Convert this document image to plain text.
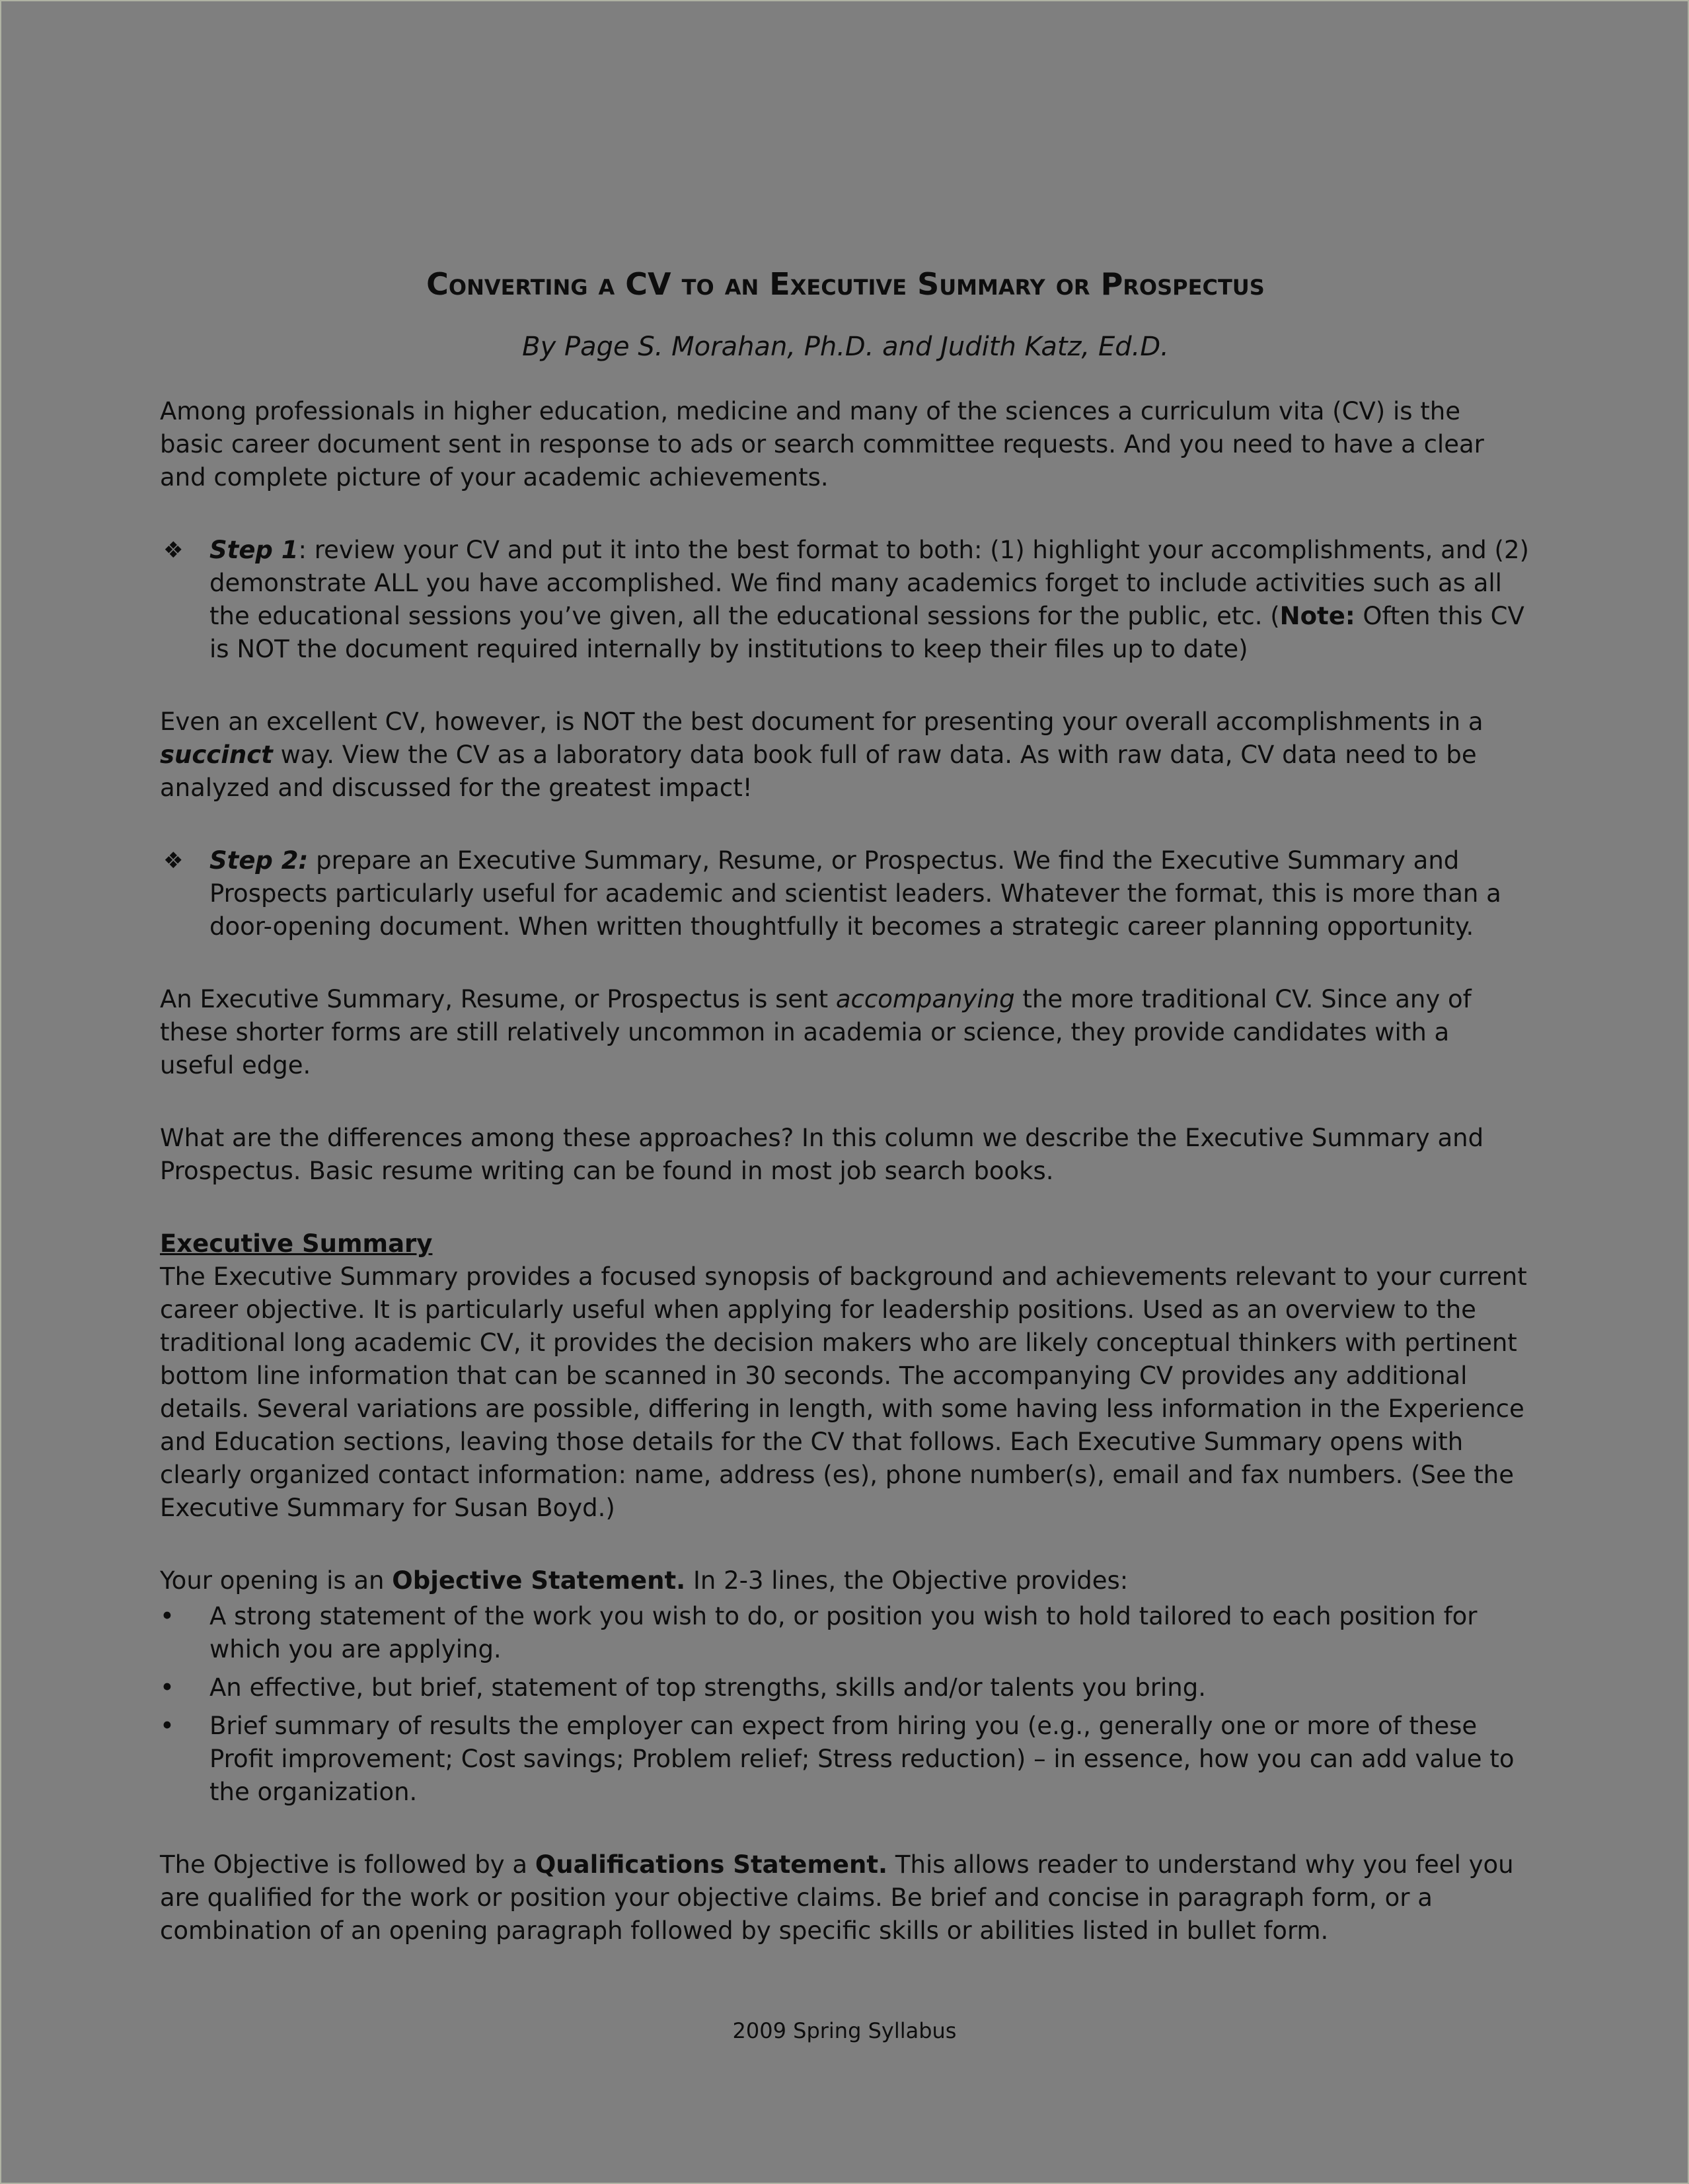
Converting a CV to an Executive Summary or Prospectus
By Page S. Morahan, Ph.D. and Judith Katz, Ed.D.

Among professionals in higher education, medicine and many of the sciences a curriculum vita (CV) is the basic career document sent in response to ads or search committee requests. And you need to have a clear and complete picture of your academic achievements.

❖ Step 1: review your CV and put it into the best format to both: (1) highlight your accomplishments, and (2) demonstrate ALL you have accomplished. We find many academics forget to include activities such as all the educational sessions you’ve given, all the educational sessions for the public, etc. (Note: Often this CV is NOT the document required internally by institutions to keep their files up to date)

Even an excellent CV, however, is NOT the best document for presenting your overall accomplishments in a succinct way. View the CV as a laboratory data book full of raw data. As with raw data, CV data need to be analyzed and discussed for the greatest impact!

❖ Step 2: prepare an Executive Summary, Resume, or Prospectus. We find the Executive Summary and Prospects particularly useful for academic and scientist leaders. Whatever the format, this is more than a door-opening document. When written thoughtfully it becomes a strategic career planning opportunity.

An Executive Summary, Resume, or Prospectus is sent accompanying the more traditional CV. Since any of these shorter forms are still relatively uncommon in academia or science, they provide candidates with a useful edge.

What are the differences among these approaches? In this column we describe the Executive Summary and Prospectus. Basic resume writing can be found in most job search books.

Executive Summary
The Executive Summary provides a focused synopsis of background and achievements relevant to your current career objective. It is particularly useful when applying for leadership positions. Used as an overview to the traditional long academic CV, it provides the decision makers who are likely conceptual thinkers with pertinent bottom line information that can be scanned in 30 seconds. The accompanying CV provides any additional details. Several variations are possible, differing in length, with some having less information in the Experience and Education sections, leaving those details for the CV that follows. Each Executive Summary opens with clearly organized contact information: name, address (es), phone number(s), email and fax numbers. (See the Executive Summary for Susan Boyd.)

Your opening is an Objective Statement. In 2-3 lines, the Objective provides:

• A strong statement of the work you wish to do, or position you wish to hold tailored to each position for which you are applying.
• An effective, but brief, statement of top strengths, skills and/or talents you bring.
• Brief summary of results the employer can expect from hiring you (e.g., generally one or more of these Profit improvement; Cost savings; Problem relief; Stress reduction) – in essence, how you can add value to the organization.

The Objective is followed by a Qualifications Statement. This allows reader to understand why you feel you are qualified for the work or position your objective claims. Be brief and concise in paragraph form, or a combination of an opening paragraph followed by specific skills or abilities listed in bullet form.

2009 Spring Syllabus
